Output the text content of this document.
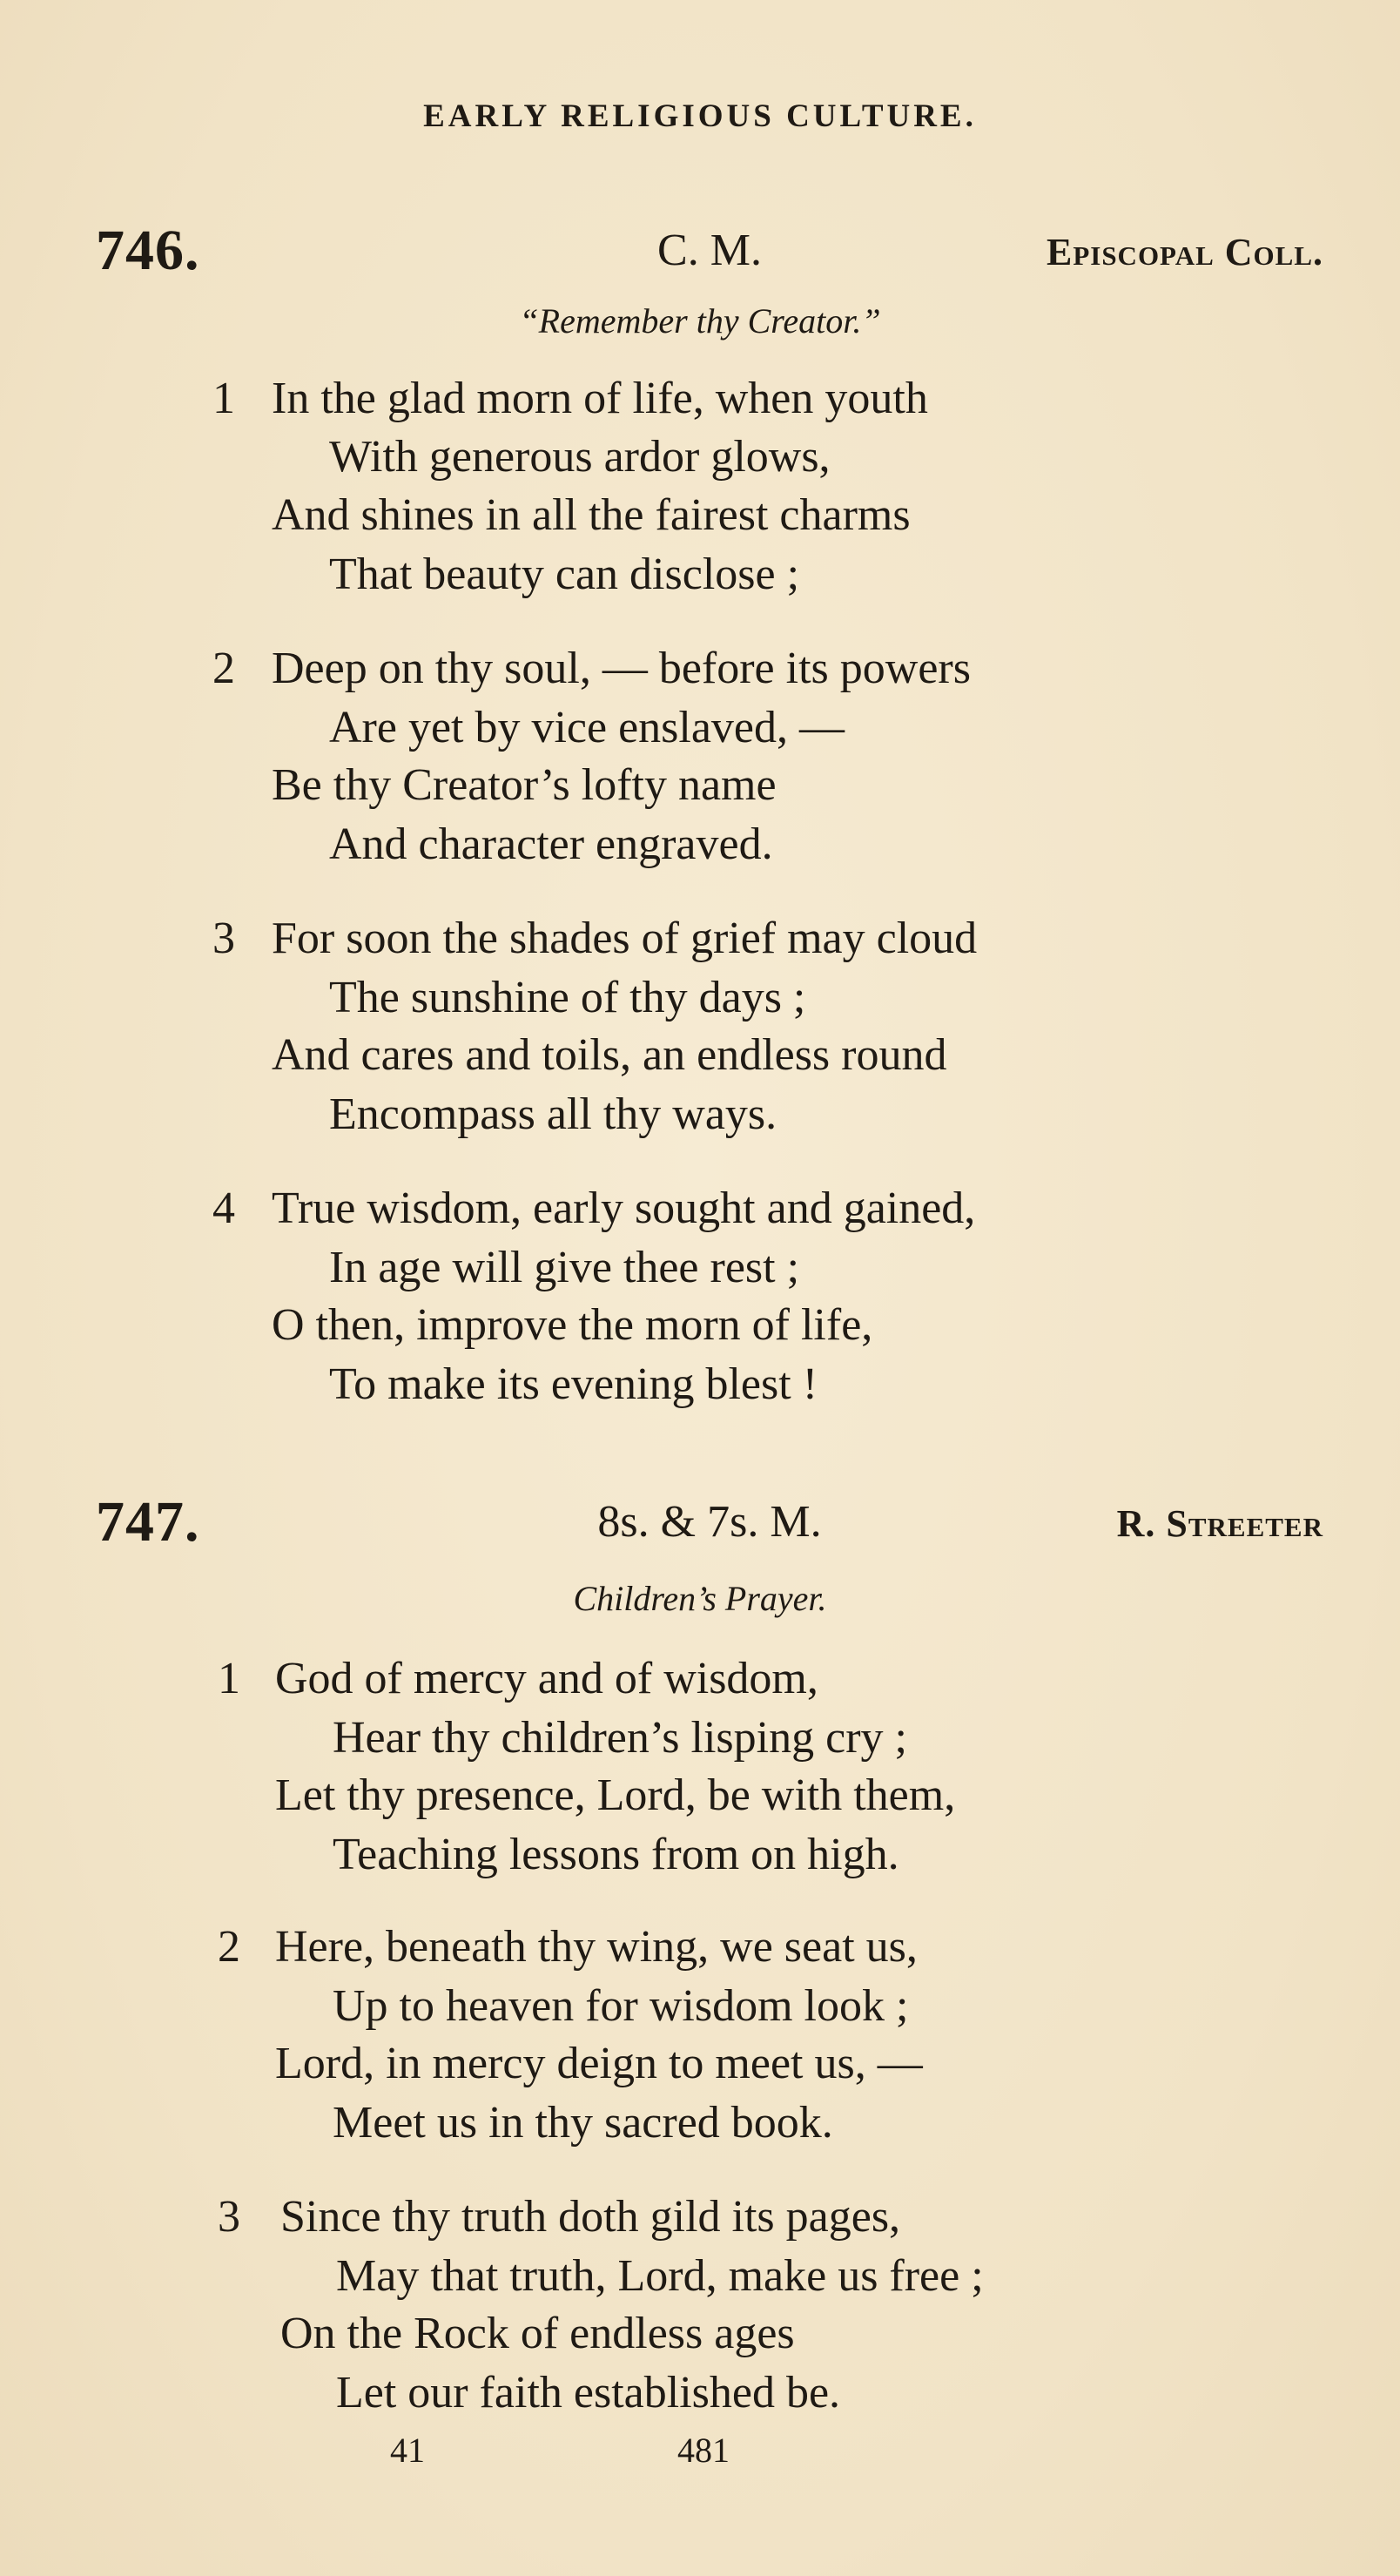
EARLY RELIGIOUS CULTURE.
746.	C. M.	Episcopal Coll.
“Remember thy Creator.”
1 In the glad morn of life, when youth
With generous ardor glows,
And shines in all the fairest charms
That beauty can disclose ;
2 Deep on thy soul, — before its powers
Are yet by vice enslaved, —
Be thy Creator’s lofty name
And character engraved.
3 For soon the shades of grief may cloud
The sunshine of thy days ;
And cares and toils, an endless round
Encompass all thy ways.
4 True wisdom, early sought and gained,
In age will give thee rest ;
O then, improve the morn of life,
To make its evening blest !
747.	8s. & 7s. M.	R. Streeter
Children’s Prayer.
1 God of mercy and of wisdom,
Hear thy children’s lisping cry ;
Let thy presence, Lord, be with them,
Teaching lessons from on high.
2 Here, beneath thy wing, we seat us,
Up to heaven for wisdom look ;
Lord, in mercy deign to meet us, —
Meet us in thy sacred book.
3 Since thy truth doth gild its pages,
May that truth, Lord, make us free ;
On the Rock of endless ages
Let our faith established be.
41	481
